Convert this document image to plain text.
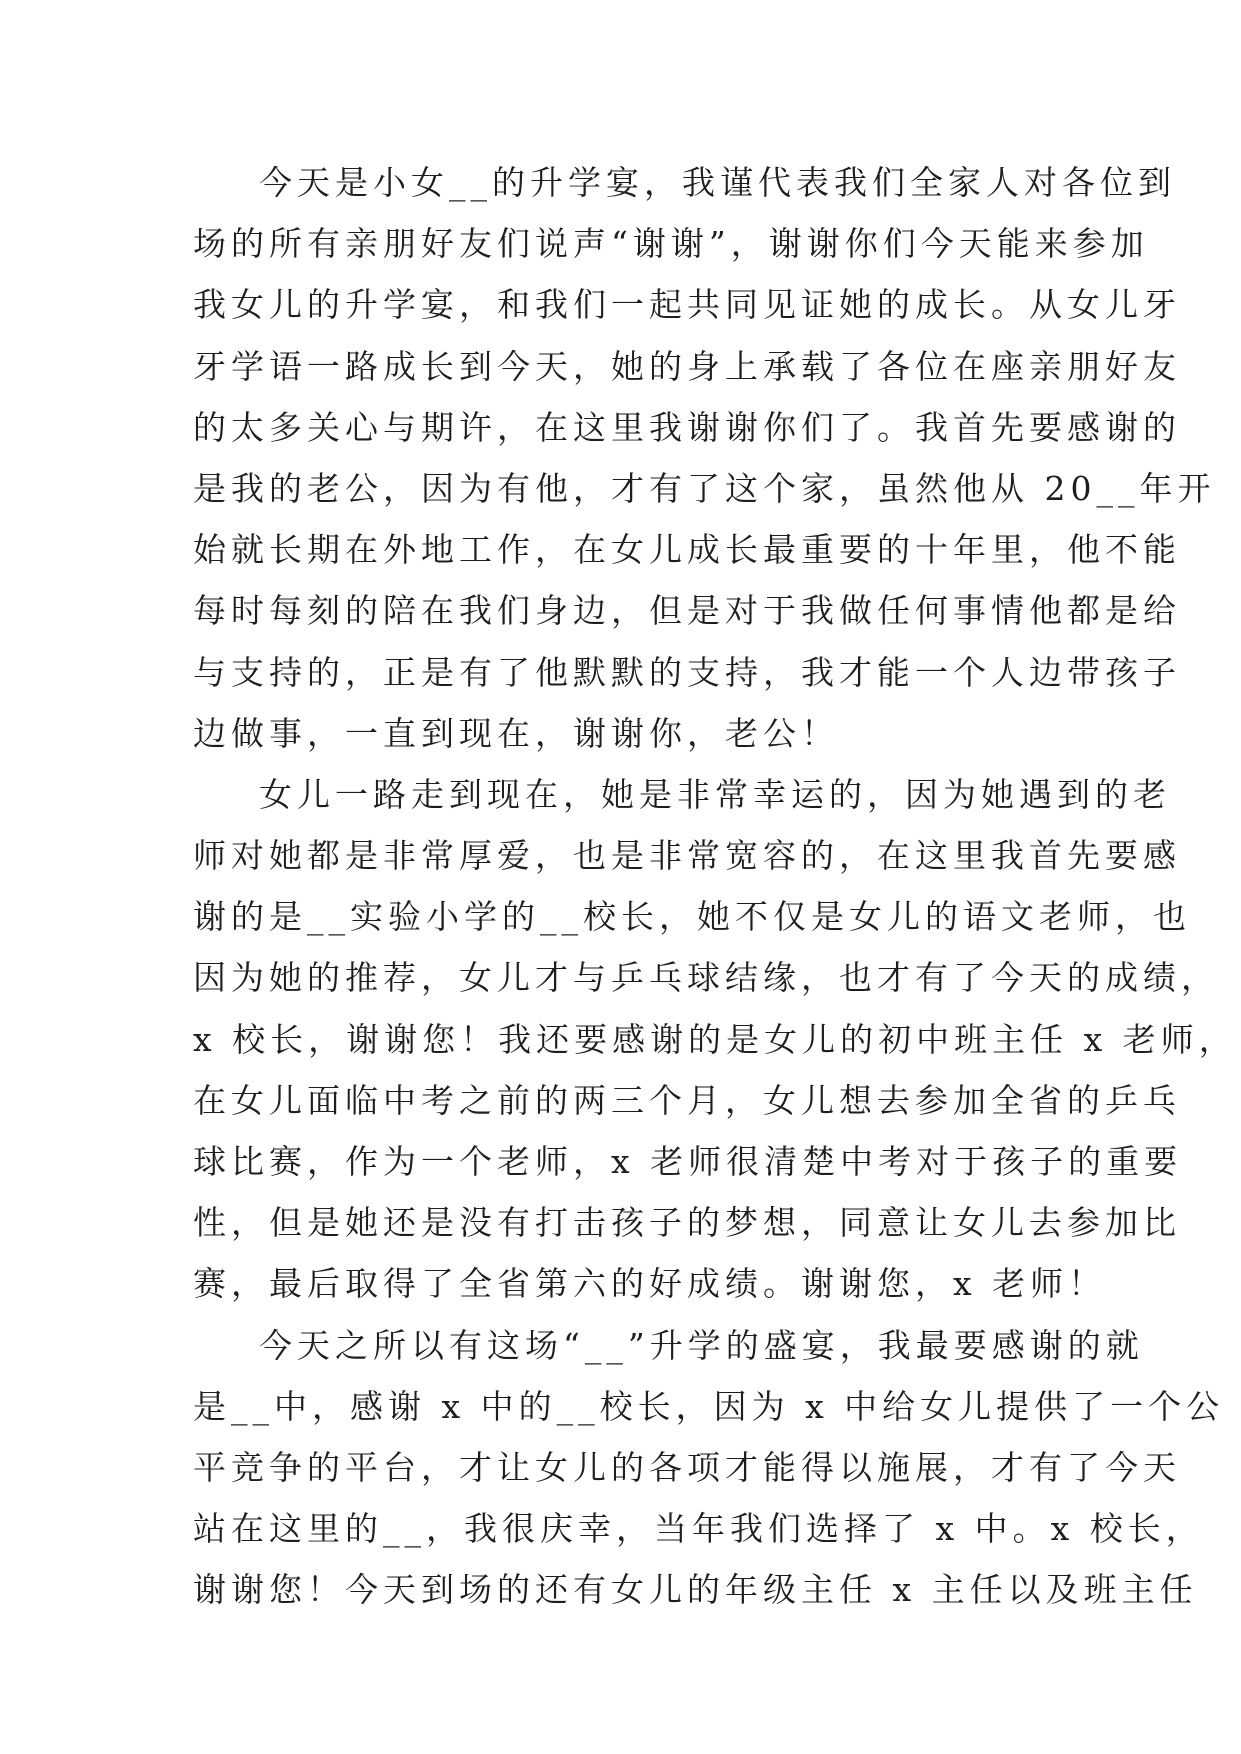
今天是小女__的升学宴，我谨代表我们全家人对各位到
场的所有亲朋好友们说声“谢谢”，谢谢你们今天能来参加
我女儿的升学宴，和我们一起共同见证她的成长。从女儿牙
牙学语一路成长到今天，她的身上承载了各位在座亲朋好友
的太多关心与期许，在这里我谢谢你们了。我首先要感谢的
是我的老公，因为有他，才有了这个家，虽然他从 20__年开
始就长期在外地工作，在女儿成长最重要的十年里，他不能
每时每刻的陪在我们身边，但是对于我做任何事情他都是给
与支持的，正是有了他默默的支持，我才能一个人边带孩子
边做事，一直到现在，谢谢你，老公！

女儿一路走到现在，她是非常幸运的，因为她遇到的老
师对她都是非常厚爱，也是非常宽容的，在这里我首先要感
谢的是__实验小学的__校长，她不仅是女儿的语文老师，也
因为她的推荐，女儿才与乒乓球结缘，也才有了今天的成绩，
x 校长，谢谢您！我还要感谢的是女儿的初中班主任 x 老师，
在女儿面临中考之前的两三个月，女儿想去参加全省的乒乓
球比赛，作为一个老师，x 老师很清楚中考对于孩子的重要
性，但是她还是没有打击孩子的梦想，同意让女儿去参加比
赛，最后取得了全省第六的好成绩。谢谢您，x 老师！

今天之所以有这场“__”升学的盛宴，我最要感谢的就
是__中，感谢 x 中的__校长，因为 x 中给女儿提供了一个公
平竞争的平台，才让女儿的各项才能得以施展，才有了今天
站在这里的__，我很庆幸，当年我们选择了 x 中。x 校长，
谢谢您！今天到场的还有女儿的年级主任 x 主任以及班主任
